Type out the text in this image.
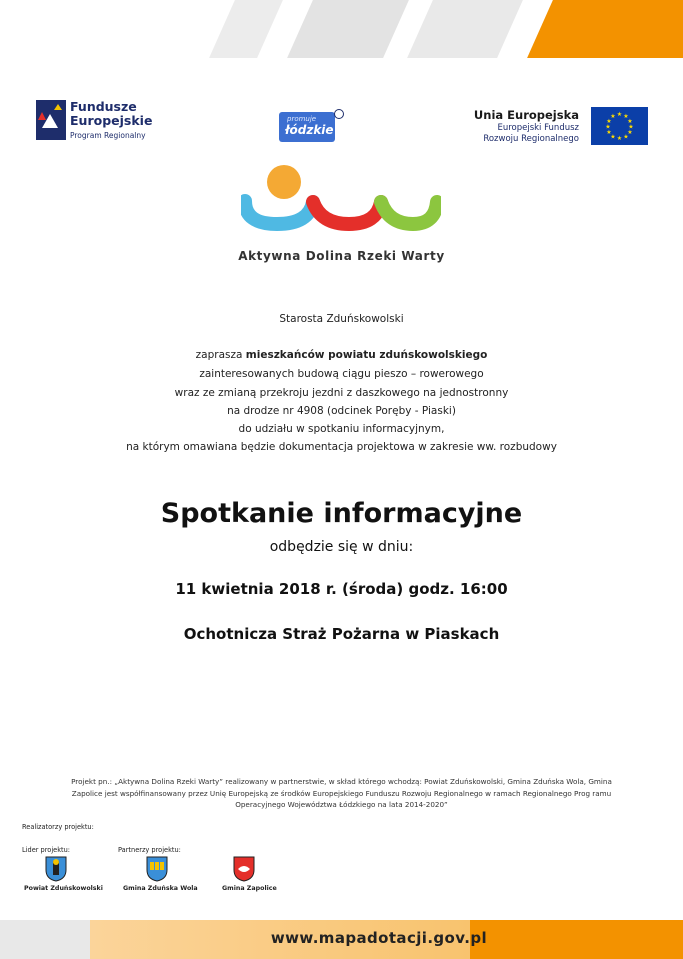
Fundusze
Europejskie
Program Regionalny
promuje
łódzkie
Unia Europejska
Europejski Fundusz
Rozwoju Regionalnego
★ ★
★
★
★
★
★
★
★
★
★
★
Aktywna Dolina Rzeki Warty
Starosta Zduńskowolski
zaprasza mieszkańców powiatu zduńskowolskiego
zainteresowanych budową ciągu pieszo – rowerowego
wraz ze zmianą przekroju jezdni z daszkowego na jednostronny
na drodze nr 4908 (odcinek Poręby - Piaski)
do udziału w spotkaniu informacyjnym,
na którym omawiana będzie dokumentacja projektowa w zakresie ww. rozbudowy
Spotkanie informacyjne
odbędzie się w dniu:
11 kwietnia 2018 r. (środa) godz. 16:00
Ochotnicza Straż Pożarna w Piaskach
Projekt pn.: „Aktywna Dolina Rzeki Warty” realizowany w partnerstwie, w skład którego wchodzą: Powiat Zduńskowolski, Gmina Zduńska Wola, Gmina
Zapolice jest współfinansowany przez Unię Europejską ze środków Europejskiego Funduszu Rozwoju Regionalnego w ramach Regionalnego Prog ramu
Operacyjnego Województwa Łódzkiego na lata 2014-2020”
Realizatorzy projektu:
Lider projektu:	Partnerzy projektu:
Powiat Zduńskowolski	Gmina Zduńska Wola	Gmina Zapolice
www.mapadotacji.gov.pl
